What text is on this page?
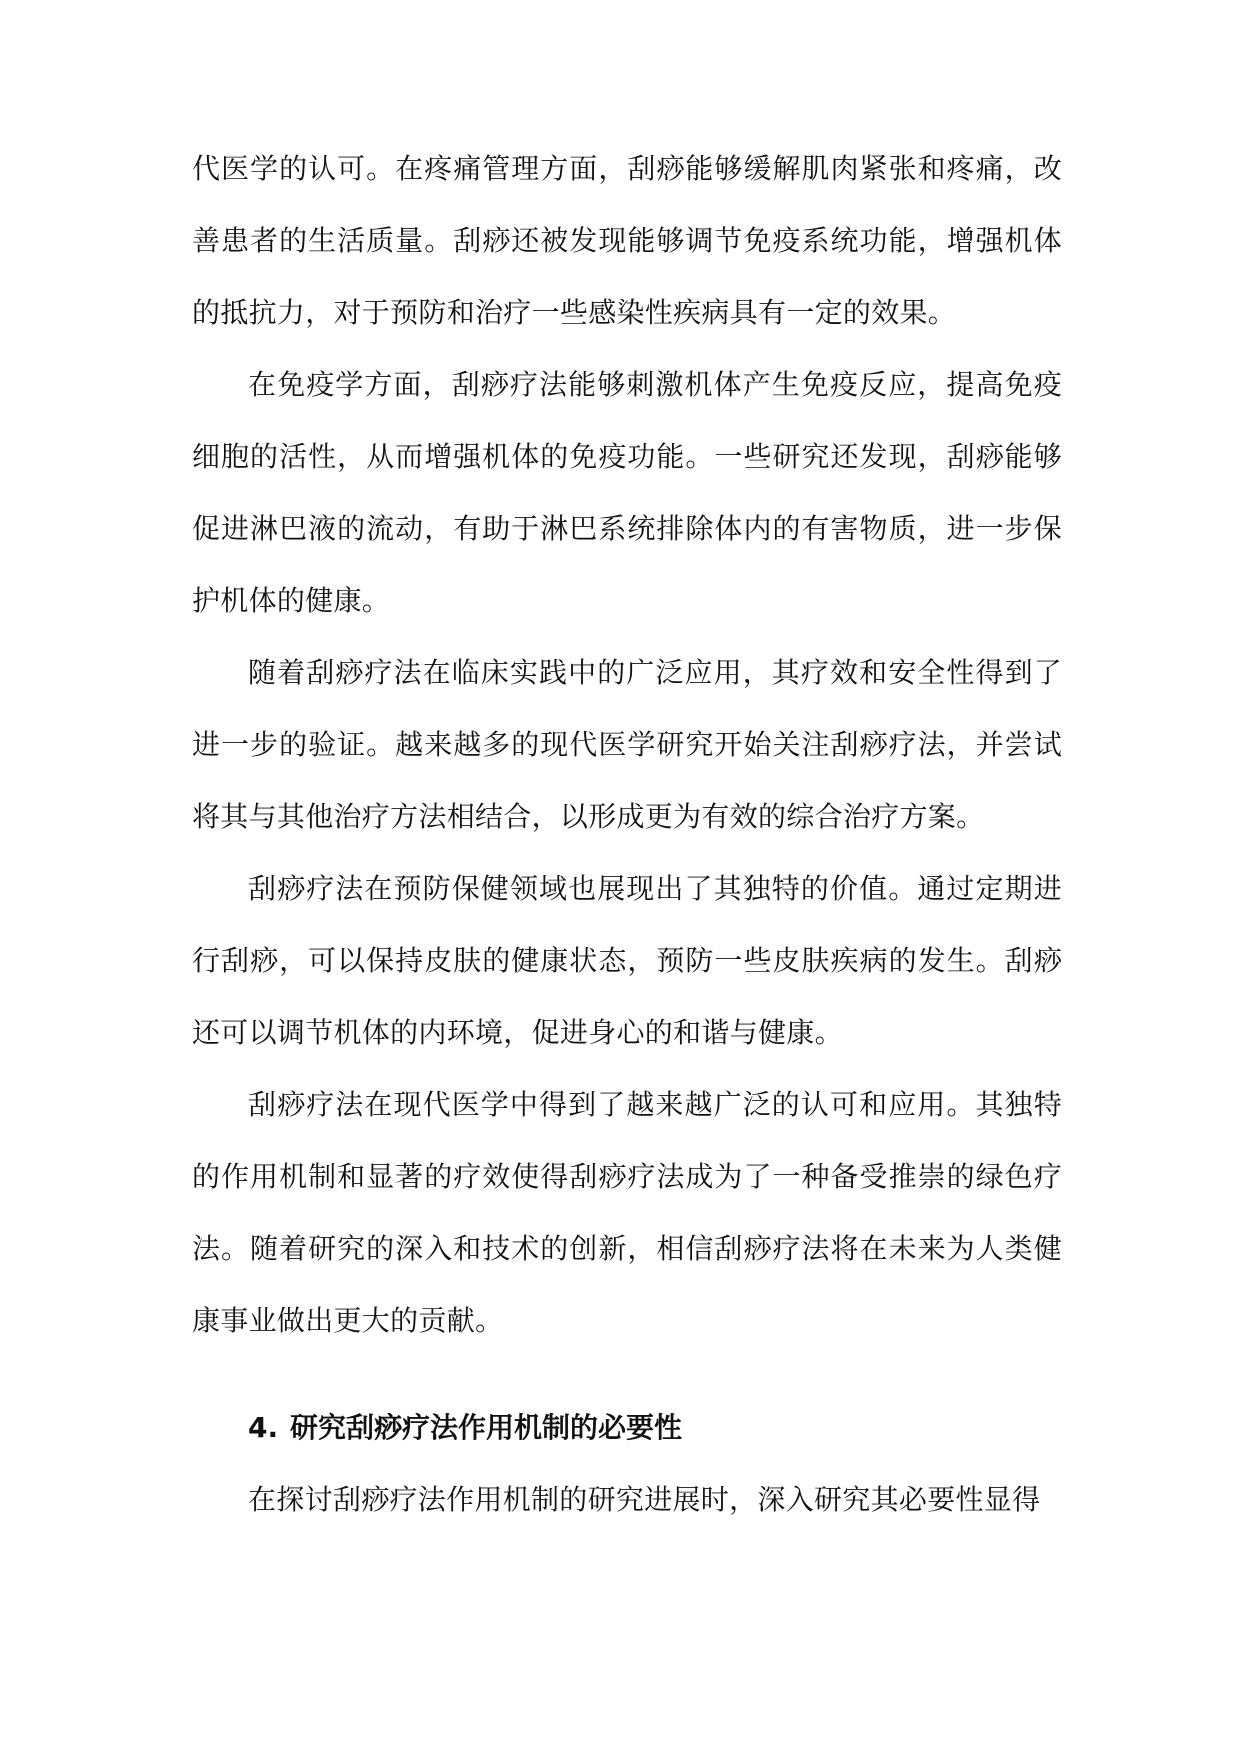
代医学的认可。在疼痛管理方面，刮痧能够缓解肌肉紧张和疼痛，改善患者的生活质量。刮痧还被发现能够调节免疫系统功能，增强机体的抵抗力，对于预防和治疗一些感染性疾病具有一定的效果。

在免疫学方面，刮痧疗法能够刺激机体产生免疫反应，提高免疫细胞的活性，从而增强机体的免疫功能。一些研究还发现，刮痧能够促进淋巴液的流动，有助于淋巴系统排除体内的有害物质，进一步保护机体的健康。

随着刮痧疗法在临床实践中的广泛应用，其疗效和安全性得到了进一步的验证。越来越多的现代医学研究开始关注刮痧疗法，并尝试将其与其他治疗方法相结合，以形成更为有效的综合治疗方案。

刮痧疗法在预防保健领域也展现出了其独特的价值。通过定期进行刮痧，可以保持皮肤的健康状态，预防一些皮肤疾病的发生。刮痧还可以调节机体的内环境，促进身心的和谐与健康。

刮痧疗法在现代医学中得到了越来越广泛的认可和应用。其独特的作用机制和显著的疗效使得刮痧疗法成为了一种备受推崇的绿色疗法。随着研究的深入和技术的创新，相信刮痧疗法将在未来为人类健康事业做出更大的贡献。

4. 研究刮痧疗法作用机制的必要性

在探讨刮痧疗法作用机制的研究进展时，深入研究其必要性显得
